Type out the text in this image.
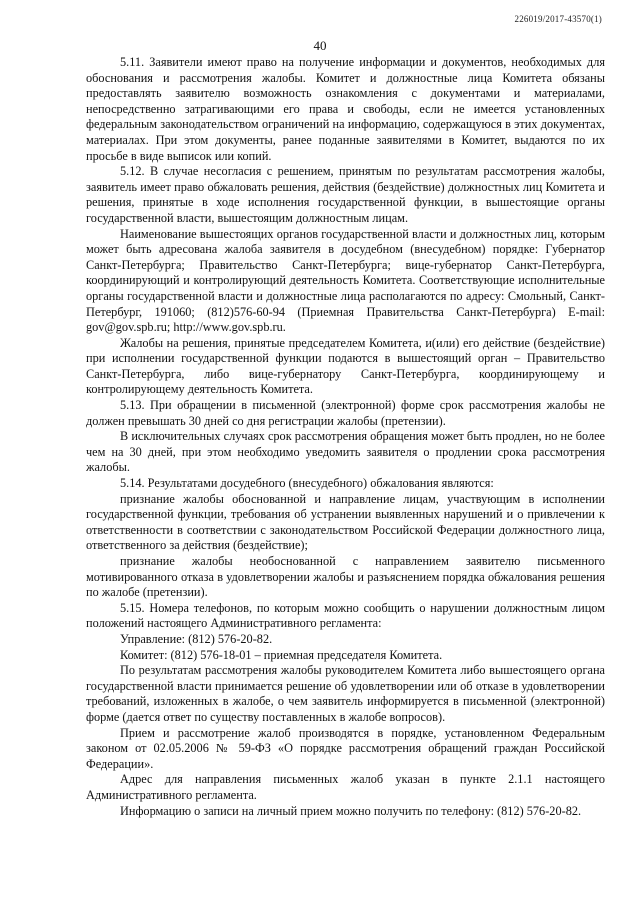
226019/2017-43570(1)
40

5.11. Заявители имеют право на получение информации и документов, необходимых для обоснования и рассмотрения жалобы. Комитет и должностные лица Комитета обязаны предоставлять заявителю возможность ознакомления с документами и материалами, непосредственно затрагивающими его права и свободы, если не имеется установленных федеральным законодательством ограничений на информацию, содержащуюся в этих документах, материалах. При этом документы, ранее поданные заявителями в Комитет, выдаются по их просьбе в виде выписок или копий.

5.12. В случае несогласия с решением, принятым по результатам рассмотрения жалобы, заявитель имеет право обжаловать решения, действия (бездействие) должностных лиц Комитета и решения, принятые в ходе исполнения государственной функции, в вышестоящие органы государственной власти, вышестоящим должностным лицам.

Наименование вышестоящих органов государственной власти и должностных лиц, которым может быть адресована жалоба заявителя в досудебном (внесудебном) порядке: Губернатор Санкт-Петербурга; Правительство Санкт-Петербурга; вице-губернатор Санкт-Петербурга, координирующий и контролирующий деятельность Комитета. Соответствующие исполнительные органы государственной власти и должностные лица располагаются по адресу: Смольный, Санкт-Петербург, 191060; (812)576-60-94 (Приемная Правительства Санкт-Петербурга) E-mail: gov@gov.spb.ru; http://www.gov.spb.ru.

Жалобы на решения, принятые председателем Комитета, и(или) его действие (бездействие) при исполнении государственной функции подаются в вышестоящий орган – Правительство Санкт-Петербурга, либо вице-губернатору Санкт-Петербурга, координирующему и контролирующему деятельность Комитета.

5.13. При обращении в письменной (электронной) форме срок рассмотрения жалобы не должен превышать 30 дней со дня регистрации жалобы (претензии).

В исключительных случаях срок рассмотрения обращения может быть продлен, но не более чем на 30 дней, при этом необходимо уведомить заявителя о продлении срока рассмотрения жалобы.

5.14. Результатами досудебного (внесудебного) обжалования являются:

признание жалобы обоснованной и направление лицам, участвующим в исполнении государственной функции, требования об устранении выявленных нарушений и о привлечении к ответственности в соответствии с законодательством Российской Федерации должностного лица, ответственного за действия (бездействие);

признание жалобы необоснованной с направлением заявителю письменного мотивированного отказа в удовлетворении жалобы и разъяснением порядка обжалования решения по жалобе (претензии).

5.15. Номера телефонов, по которым можно сообщить о нарушении должностным лицом положений настоящего Административного регламента:

Управление: (812) 576-20-82.

Комитет: (812) 576-18-01 – приемная председателя Комитета.

По результатам рассмотрения жалобы руководителем Комитета либо вышестоящего органа государственной власти принимается решение об удовлетворении или об отказе в удовлетворении требований, изложенных в жалобе, о чем заявитель информируется в письменной (электронной) форме (дается ответ по существу поставленных в жалобе вопросов).

Прием и рассмотрение жалоб производятся в порядке, установленном Федеральным законом от 02.05.2006 № 59-ФЗ «О порядке рассмотрения обращений граждан Российской Федерации».

Адрес для направления письменных жалоб указан в пункте 2.1.1 настоящего Административного регламента.

Информацию о записи на личный прием можно получить по телефону: (812) 576-20-82.
